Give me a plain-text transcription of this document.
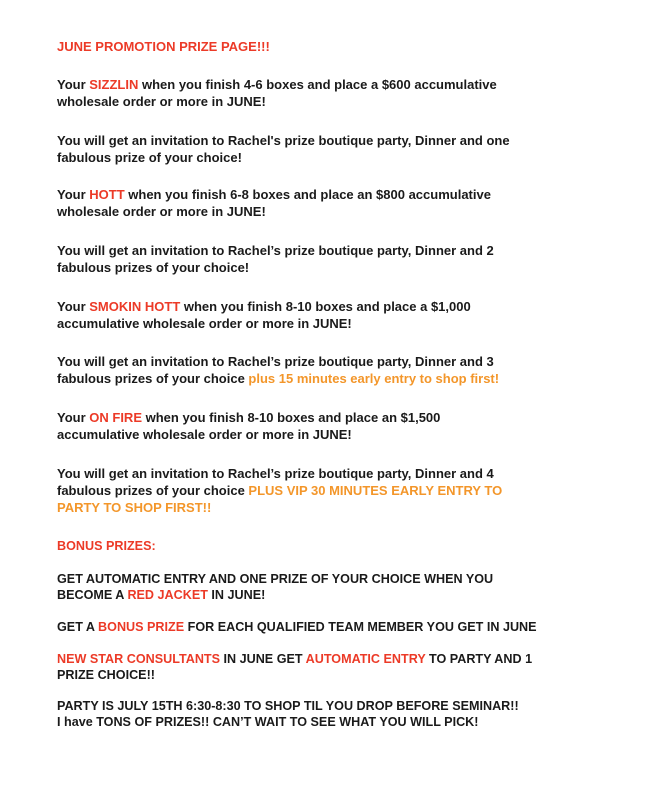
JUNE PROMOTION PRIZE PAGE!!!

Your SIZZLIN when you finish 4-6 boxes and place a $600 accumulative
wholesale order or more in JUNE!

You will get an invitation to Rachel's prize boutique party, Dinner and one
fabulous prize of your choice!

Your HOTT when you finish 6-8 boxes and place an $800 accumulative
wholesale order or more in JUNE!

You will get an invitation to Rachel’s prize boutique party, Dinner and 2
fabulous prizes of your choice!

Your SMOKIN HOTT when you finish 8-10 boxes and place a $1,000
accumulative wholesale order or more in JUNE!

You will get an invitation to Rachel’s prize boutique party, Dinner and 3
fabulous prizes of your choice plus 15 minutes early entry to shop first!

Your ON FIRE when you finish 8-10 boxes and place an $1,500
accumulative wholesale order or more in JUNE!

You will get an invitation to Rachel’s prize boutique party, Dinner and 4
fabulous prizes of your choice PLUS VIP 30 MINUTES EARLY ENTRY TO
PARTY TO SHOP FIRST!!

BONUS PRIZES:

GET AUTOMATIC ENTRY AND ONE PRIZE OF YOUR CHOICE WHEN YOU
BECOME A RED JACKET IN JUNE!

GET A BONUS PRIZE FOR EACH QUALIFIED TEAM MEMBER YOU GET IN JUNE

NEW STAR CONSULTANTS IN JUNE GET AUTOMATIC ENTRY TO PARTY AND 1
PRIZE CHOICE!!

PARTY IS JULY 15TH 6:30-8:30 TO SHOP TIL YOU DROP BEFORE SEMINAR!!
I have TONS OF PRIZES!! CAN’T WAIT TO SEE WHAT YOU WILL PICK!
